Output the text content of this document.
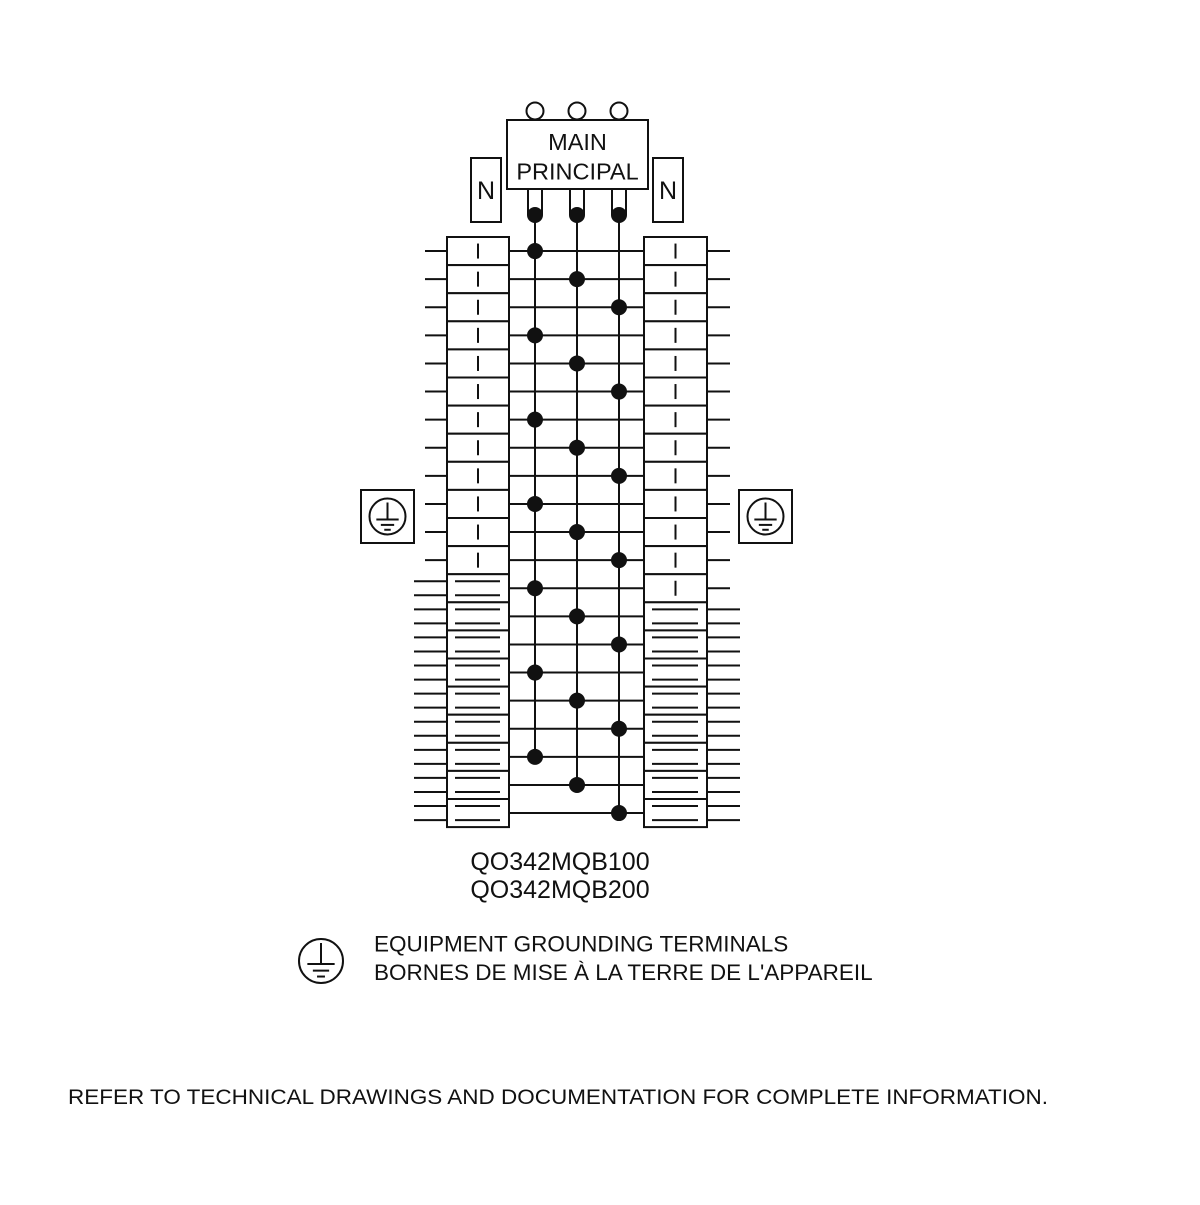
MAIN
PRINCIPAL
N	N
QO342MQB100
QO342MQB200
EQUIPMENT GROUNDING TERMINALS
BORNES DE MISE À LA TERRE DE L'APPAREIL
REFER TO TECHNICAL DRAWINGS AND DOCUMENTATION FOR COMPLETE INFORMATION.
